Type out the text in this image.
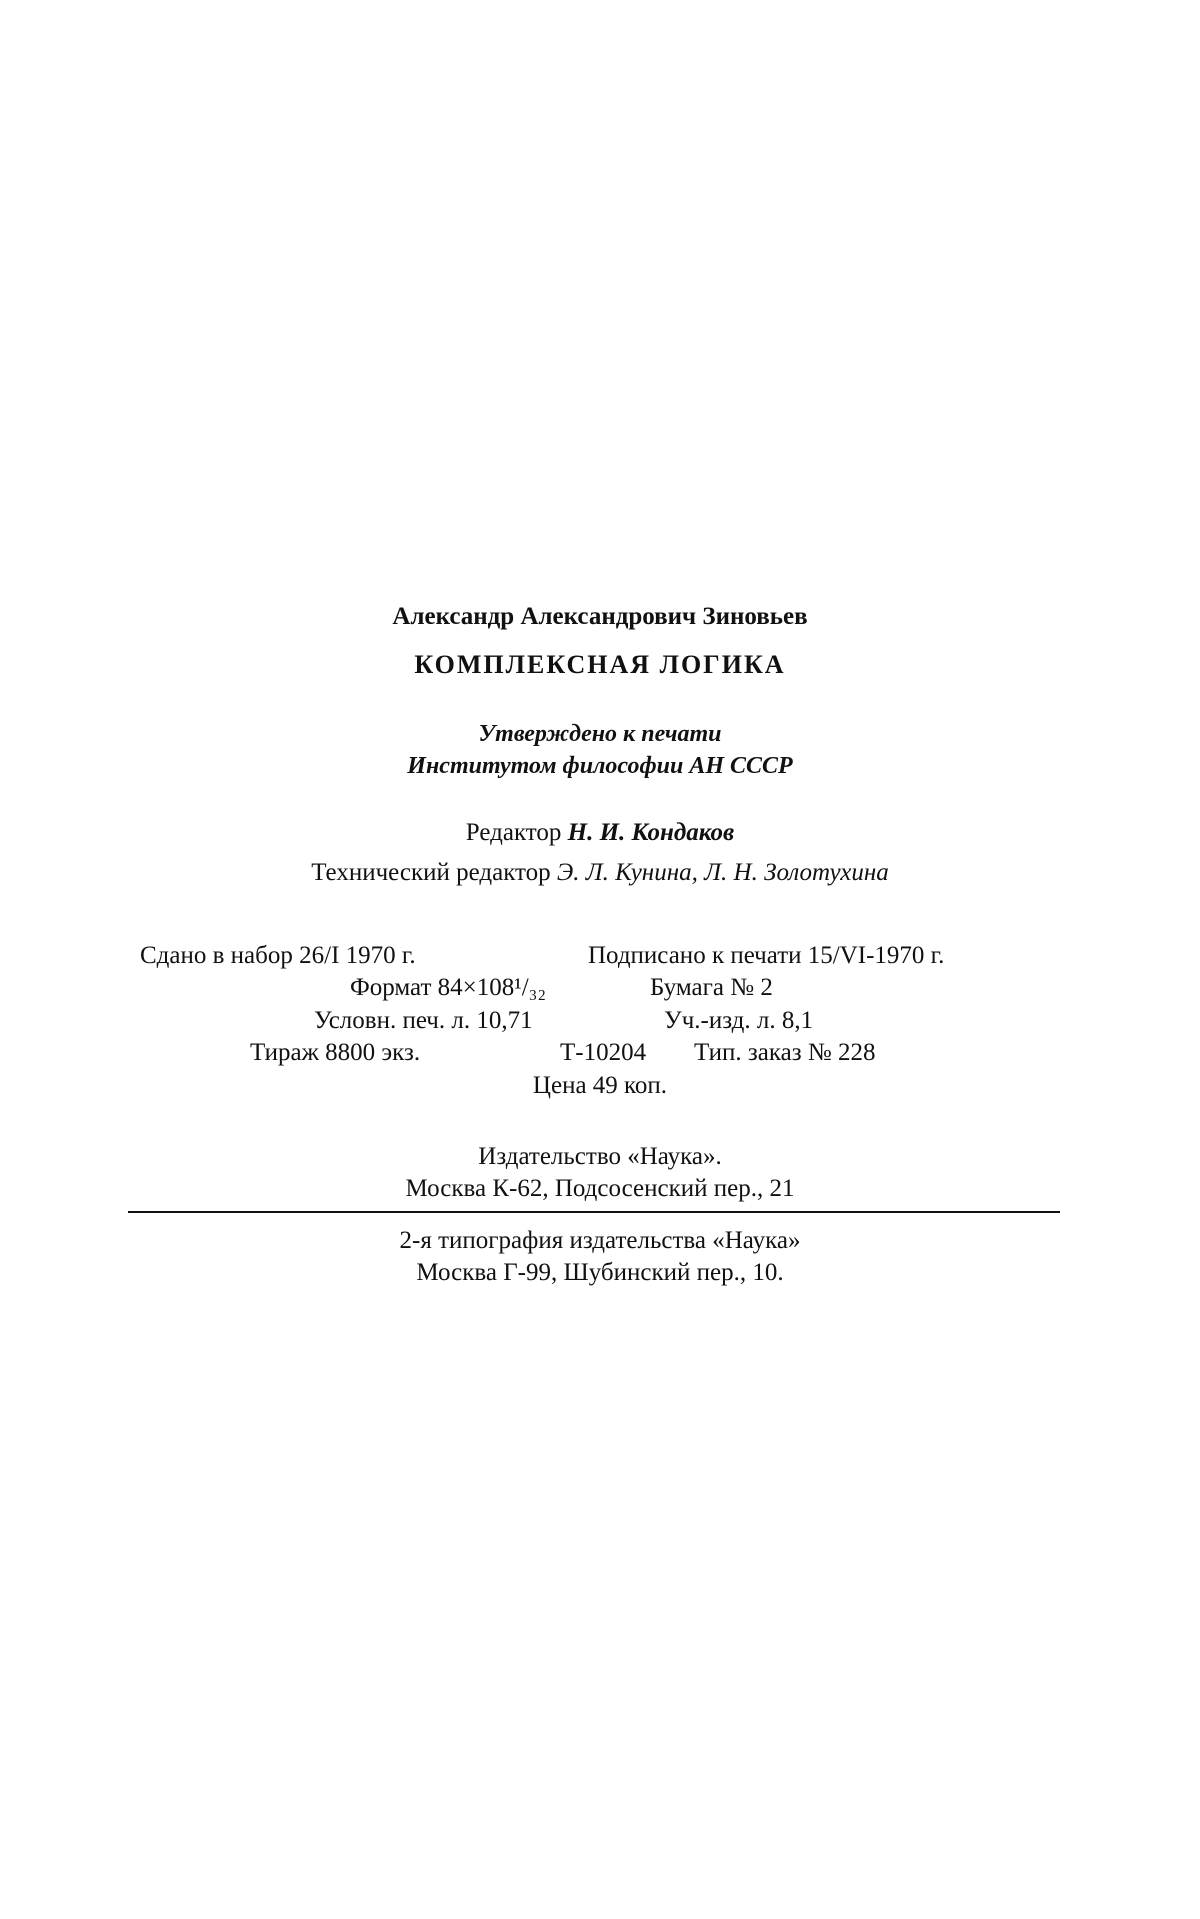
Александр Александрович Зиновьев
КОМПЛЕКСНАЯ ЛОГИКА
Утверждено к печати
Институтом философии АН СССР
Редактор Н. И. Кондаков
Технический редактор Э. Л. Кунина, Л. Н. Золотухина
Сдано в набор 26/I 1970 г.	Подписано к печати 15/VI-1970 г.
Формат 84×108¹/₃₂	Бумага № 2
Условн. печ. л. 10,71	Уч.-изд. л. 8,1
Тираж 8800 экз.	Т-10204 Тип. заказ № 228
Цена 49 коп.
Издательство «Наука».
Москва К-62, Подсосенский пер., 21
2-я типография издательства «Наука»
Москва Г-99, Шубинский пер., 10.
